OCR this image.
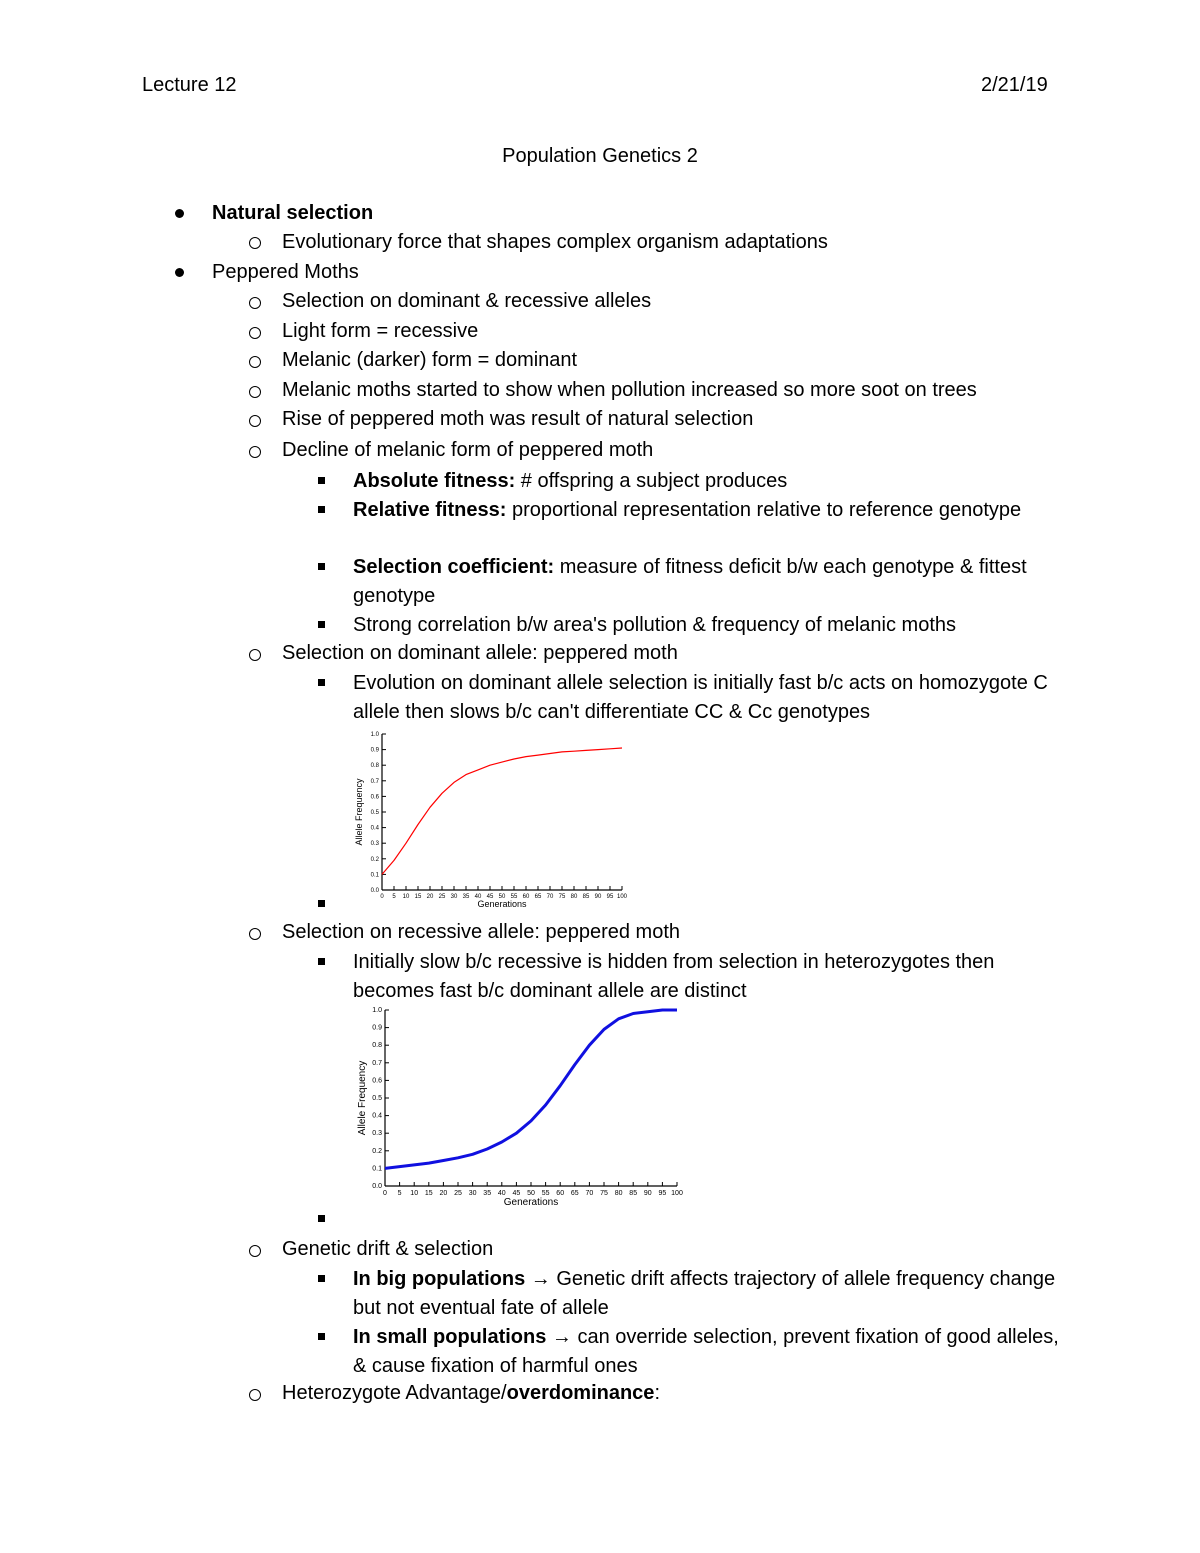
Lecture 12	2/21/19
Population Genetics 2
Natural selection
Evolutionary force that shapes complex organism adaptations
Peppered Moths
Selection on dominant & recessive alleles
Light form = recessive
Melanic (darker) form = dominant
Melanic moths started to show when pollution increased so more soot on trees
Rise of peppered moth was result of natural selection
Decline of melanic form of peppered moth
Absolute fitness: # offspring a subject produces
Relative fitness: proportional representation relative to reference genotype
Selection coefficient: measure of fitness deficit b/w each genotype & fittest genotype
Strong correlation b/w area's pollution & frequency of melanic moths
Selection on dominant allele: peppered moth
Evolution on dominant allele selection is initially fast b/c acts on homozygote C allele then slows b/c can't differentiate CC & Cc genotypes
0.0
0.1
0.2
0.3
0.4
0.5
0.6
0.7
0.8
0.9
1.0
0 5 10 15 20 25 30 35 40 45 50 55 60 65 70 75 80 85 90 95 100
Generations
Allele Frequency
Selection on recessive allele: peppered moth
Initially slow b/c recessive is hidden from selection in heterozygotes then becomes fast b/c dominant allele are distinct
0.0
0.1
0.2
0.3
0.4
0.5
0.6
0.7
0.8
0.9
1.0
0 5 10 15 20 25 30 35 40 45 50 55 60 65 70 75 80 85 90 95 100
Generations
Allele Frequency
Genetic drift & selection
In big populations → Genetic drift affects trajectory of allele frequency change but not eventual fate of allele
In small populations → can override selection, prevent fixation of good alleles, & cause fixation of harmful ones
Heterozygote Advantage/overdominance:
